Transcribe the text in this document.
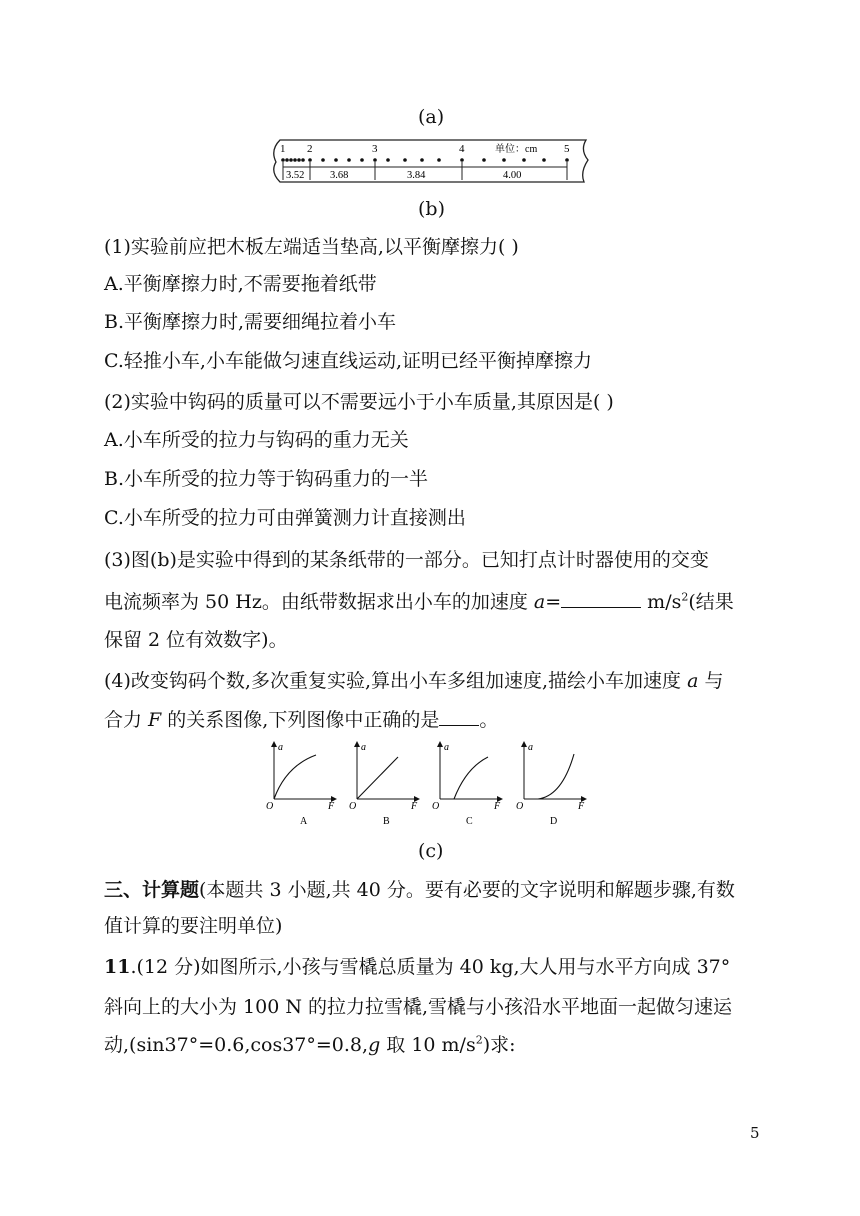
(a)
1 2	3	4	5
单位：cm
3.52 3.68	3.84	4.00
(b)
(1)实验前应把木板左端适当垫高,以平衡摩擦力( )
A.平衡摩擦力时,不需要拖着纸带
B.平衡摩擦力时,需要细绳拉着小车
C.轻推小车,小车能做匀速直线运动,证明已经平衡掉摩擦力
(2)实验中钩码的质量可以不需要远小于小车质量,其原因是( )
A.小车所受的拉力与钩码的重力无关
B.小车所受的拉力等于钩码重力的一半
C.小车所受的拉力可由弹簧测力计直接测出
(3)图(b)是实验中得到的某条纸带的一部分。已知打点计时器使用的交变
电流频率为 50 Hz。由纸带数据求出小车的加速度 a=	$m/s^2$(结果
保留 2 位有效数字)。
(4)改变钩码个数,多次重复实验,算出小车多组加速度,描绘小车加速度 a 与
合力 F 的关系图像,下列图像中正确的是 。
a
F
O
A
a
F
O
B
a
F
O
C
a
F
O
D
(c)
三、计算题(本题共 3 小题,共 40 分。要有必要的文字说明和解题步骤,有数
值计算的要注明单位)
11.(12 分)如图所示,小孩与雪橇总质量为 40 kg,大人用与水平方向成 37°
斜向上的大小为 100 N 的拉力拉雪橇,雪橇与小孩沿水平地面一起做匀速运
动,(sin37°=0.6,cos37°=0.8,g 取 10 $m/s^2$)求:
5
